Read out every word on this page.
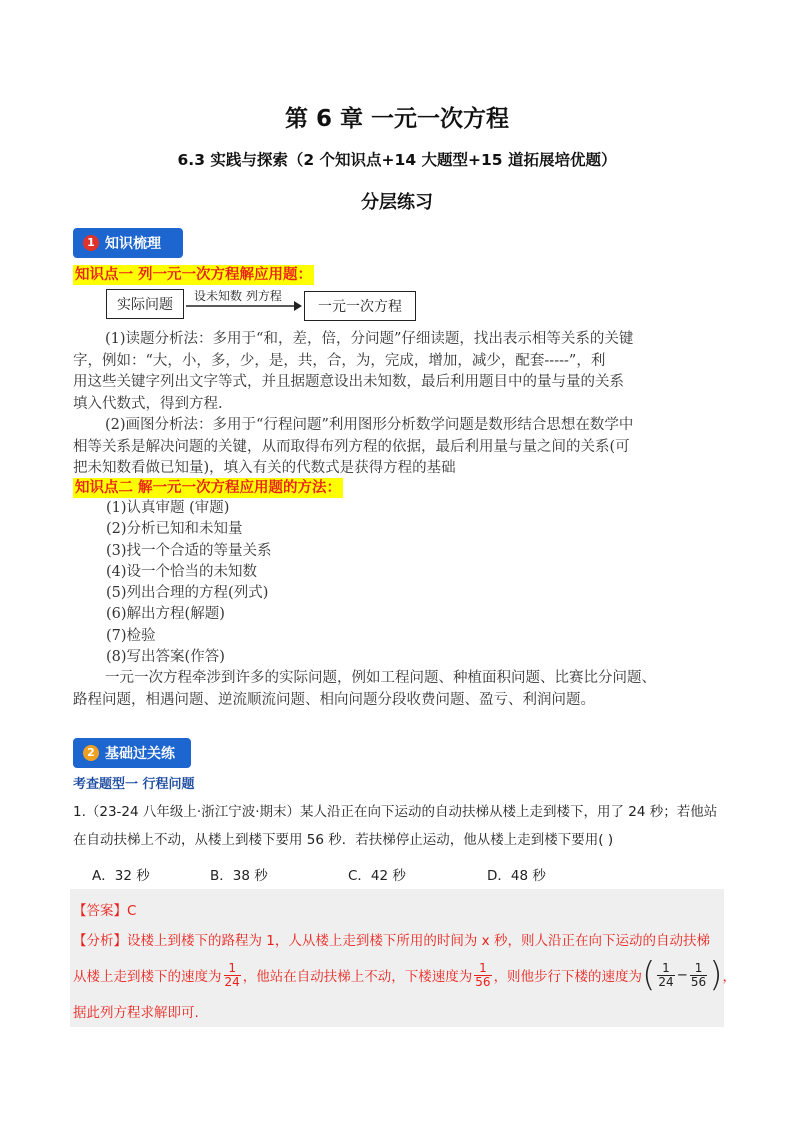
第 6 章 一元一次方程
6.3 实践与探索（2 个知识点+14 大题型+15 道拓展培优题）
分层练习
1 知识梳理
知识点一 列一元一次方程解应用题：
实际问题
设未知数 列方程
一元一次方程
(1)读题分析法：多用于“和，差，倍，分问题”仔细读题，找出表示相等关系的关键
字，例如：“大，小，多，少，是，共，合，为，完成，增加，减少，配套-----”，利
用这些关键字列出文字等式，并且据题意设出未知数，最后利用题目中的量与量的关系
填入代数式，得到方程.
(2)画图分析法：多用于“行程问题”利用图形分析数学问题是数形结合思想在数学中
相等关系是解决问题的关键，从而取得布列方程的依据，最后利用量与量之间的关系(可
把未知数看做已知量)，填入有关的代数式是获得方程的基础
知识点二 解一元一次方程应用题的方法：
(1)认真审题 (审题)
(2)分析已知和未知量
(3)找一个合适的等量关系
(4)设一个恰当的未知数
(5)列出合理的方程(列式)
(6)解出方程(解题)
(7)检验
(8)写出答案(作答)
一元一次方程牵涉到许多的实际问题，例如工程问题、种植面积问题、比赛比分问题、
路程问题，相遇问题、逆流顺流问题、相向问题分段收费问题、盈亏、利润问题。
2 基础过关练
考查题型一 行程问题
1.（23-24 八年级上·浙江宁波·期末）某人沿正在向下运动的自动扶梯从楼上走到楼下，用了 24 秒；若他站
在自动扶梯上不动，从楼上到楼下要用 56 秒．若扶梯停止运动，他从楼上走到楼下要用( )
A．32 秒	B．38 秒	C．42 秒	D．48 秒
【答案】C
【分析】设楼上到楼下的路程为 1，人从楼上走到楼下所用的时间为 x 秒，则人沿正在向下运动的自动扶梯
从楼上走到楼下的速度为 $\frac{1}{24}$ ，他站在自动扶梯上不动，下楼速度为 $\frac{1}{56}$ ，则他步行下楼的速度为 ( $\frac{1}{24} - \frac{1}{56}$ ) ，
据此列方程求解即可.
